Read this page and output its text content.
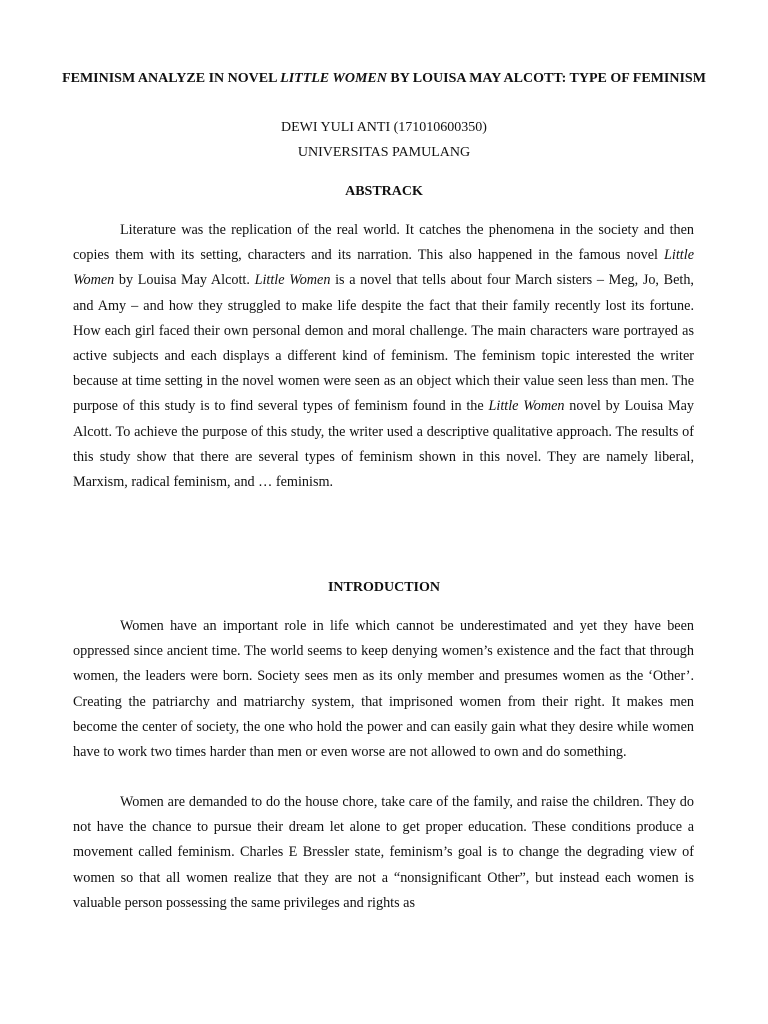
FEMINISM ANALYZE IN NOVEL LITTLE WOMEN BY LOUISA MAY ALCOTT: TYPE OF FEMINISM

DEWI YULI ANTI (171010600350)

UNIVERSITAS PAMULANG

ABSTRACK

Literature was the replication of the real world. It catches the phenomena in the society and then copies them with its setting, characters and its narration. This also happened in the famous novel Little Women by Louisa May Alcott. Little Women is a novel that tells about four March sisters – Meg, Jo, Beth, and Amy – and how they struggled to make life despite the fact that their family recently lost its fortune. How each girl faced their own personal demon and moral challenge. The main characters ware portrayed as active subjects and each displays a different kind of feminism. The feminism topic interested the writer because at time setting in the novel women were seen as an object which their value seen less than men. The purpose of this study is to find several types of feminism found in the Little Women novel by Louisa May Alcott. To achieve the purpose of this study, the writer used a descriptive qualitative approach. The results of this study show that there are several types of feminism shown in this novel. They are namely liberal, Marxism, radical feminism, and … feminism.

INTRODUCTION

Women have an important role in life which cannot be underestimated and yet they have been oppressed since ancient time. The world seems to keep denying women’s existence and the fact that through women, the leaders were born. Society sees men as its only member and presumes women as the ‘Other’. Creating the patriarchy and matriarchy system, that imprisoned women from their right. It makes men become the center of society, the one who hold the power and can easily gain what they desire while women have to work two times harder than men or even worse are not allowed to own and do something.

Women are demanded to do the house chore, take care of the family, and raise the children. They do not have the chance to pursue their dream let alone to get proper education. These conditions produce a movement called feminism. Charles E Bressler state, feminism’s goal is to change the degrading view of women so that all women realize that they are not a “nonsignificant Other”, but instead each women is valuable person possessing the same privileges and rights as
